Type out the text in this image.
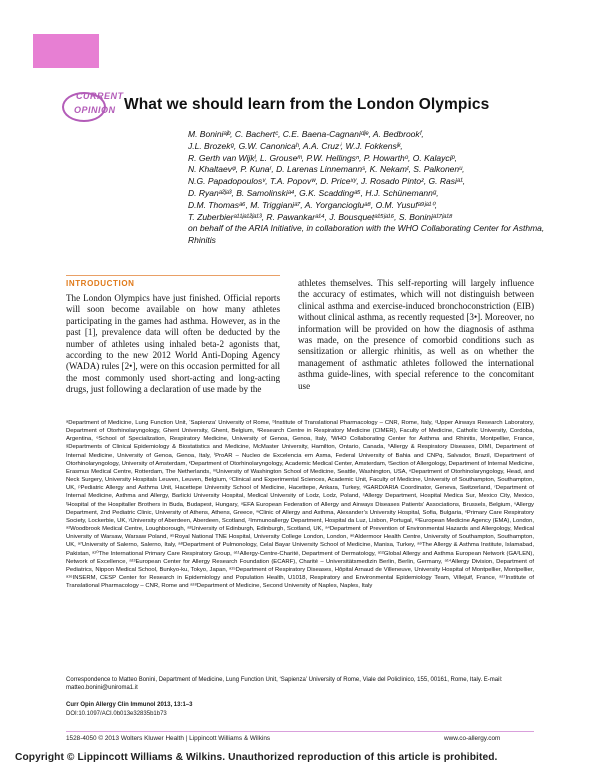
CURRENT
OPINION What we should learn from the London Olympics
M. Boniniᵃʲᵇ, C. Bachertᶜ, C.E. Baena-Cagnaniᵈʲᵉ, A. Bedbrookᶠ,
J.L. Brozekᵍ, G.W. Canonicaʰ, A.A. Cruzⁱ, W.J. Fokkensʲᵏ,
R. Gerth van Wijkˡ, L. Grouseᵐ, P.W. Hellingsⁿ, P. Howarthᵒ, O. Kalayciᵖ,
N. Khaltaevᵠ, P. Kunaʳ, D. Larenas Linnemannˢ, K. Nekamᵗ, S. Palkonenᵘ,
N.G. Papadopoulosᵛ, T.A. Popovʷ, D. Priceˣʸ, J. Rosado Pintoᶻ, G. Rasiᵃ¹,
D. Ryanᵃ²ʲᵃ³, B. Samolinskiᵃ⁴, G.K. Scaddingᵃ⁵, H.J. Schünemannᵍ,
D.M. Thomasᵃ⁶, M. Triggianiᵃ⁷, A. Yorganciogluᵃ⁸, O.M. Yusufᵃ⁹ʲᵃ¹⁰,
T. Zuberbierᵃ¹¹ʲᵃ¹²ʲᵃ¹³, R. Pawankarᵃ¹⁴, J. Bousquetᵃ¹⁵ʲᵃ¹⁶, S. Boniniᵃ¹⁷ʲᵃ¹⁸
on behalf of the ARIA Initiative, in collaboration with the WHO Collaborating Center for Asthma, Rhinitis
INTRODUCTION
The London Olympics have just finished. Official reports will soon become available on how many athletes participating in the games had asthma. However, as in the past [1], prevalence data will often be deducted by the number of athletes using inhaled beta-2 agonists that, according to the new 2012 World Anti-Doping Agency (WADA) rules [2•], were on this occasion permitted for all the most commonly used short-acting and long-acting drugs, just following a declaration of use made by the
athletes themselves. This self-reporting will largely influence the accuracy of estimates, which will not distinguish between clinical asthma and exercise-induced bronchoconstriction (EIB) without clinical asthma, as recently requested [3•]. Moreover, no information will be provided on how the diagnosis of asthma was made, on the presence of comorbid conditions such as sensitization or allergic rhinitis, as well as on whether the management of asthmatic athletes followed the international asthma guide-lines, with special reference to the concomitant use
ᵃDepartment of Medicine, Lung Function Unit, ‘Sapienza’ University of Rome, ᵇInstitute of Translational Pharmacology – CNR, Rome, Italy, ᶜUpper Airways Research Laboratory, Department of Otorhinolaryngology, Ghent University, Ghent, Belgium, ᵈResearch Centre in Respiratory Medicine (CIMER), Faculty of Medicine, Catholic University, Cordoba, Argentina, ᵉSchool of Specialization, Respiratory Medicine, University of Genoa, Genoa, Italy, ᶠWHO Collaborating Center for Asthma and Rhinitis, Montpellier, France, ᵍDepartments of Clinical Epidemiology & Biostatistics and Medicine, McMaster University, Hamilton, Ontario, Canada, ʰAllergy & Respiratory Diseases, DIMI, Department of Internal Medicine, University of Genoa, Genoa, Italy, ⁱProAR – Nucleo de Excelencia em Asma, Federal University of Bahia and CNPq, Salvador, Brazil, ʲDepartment of Otorhinolaryngology, University of Amsterdam, ᵏDepartment of Otorhinolaryngology, Academic Medical Center, Amsterdam, ˡSection of Allergology, Department of Internal Medicine, Erasmus Medical Centre, Rotterdam, The Netherlands, ᵐUniversity of Washington School of Medicine, Seattle, Washington, USA, ⁿDepartment of Otorhinolaryngology, Head, and Neck Surgery, University Hospitals Leuven, Leuven, Belgium, ᵒClinical and Experimental Sciences, Academic Unit, Faculty of Medicine, University of Southampton, Southampton, UK, ᵖPediatric Allergy and Asthma Unit, Hacettepe University School of Medicine, Hacettepe, Ankara, Turkey, ᵠGARD/ARIA Coordinator, Geneva, Switzerland, ʳDepartment of Internal Medicine, Asthma and Allergy, Barlicki University Hospital, Medical University of Lodz, Lodz, Poland, ˢAllergy Department, Hospital Medica Sur, Mexico City, Mexico, ᵗHospital of the Hospitaller Brothers in Buda, Budapest, Hungary, ᵘEFA European Federation of Allergy and Airways Diseases Patients’ Associations, Brussels, Belgium, ᵛAllergy Department, 2nd Pediatric Clinic, University of Athens, Athens, Greece, ʷClinic of Allergy and Asthma, Alexander’s University Hospital, Sofia, Bulgaria, ˣPrimary Care Respiratory Society, Lockerbie, UK, ʸUniversity of Aberdeen, Aberdeen, Scotland, ᶻImmunoallergy Department, Hospital da Luz, Lisbon, Portugal, ᵃ¹European Medicine Agency (EMA), London, ᵃ²Woodbrook Medical Centre, Loughborough, ᵃ³University of Edinburgh, Edinburgh, Scotland, UK, ᵃ⁴Department of Prevention of Environmental Hazards and Allergology, Medical University of Warsaw, Warsaw Poland, ᵃ⁵Royal National TNE Hospital, University College London, London, ᵃ⁶Aldermoor Health Centre, University of Southampton, Southampton, UK, ᵃ⁷University of Salerno, Salerno, Italy, ᵃ⁸Department of Pulmonology, Celal Bayar University School of Medicine, Manisa, Turkey, ᵃ⁹The Allergy & Asthma Institute, Islamabad, Pakistan, ᵃ¹⁰The International Primary Care Respiratory Group, ᵃ¹¹Allergy-Centre-Charité, Department of Dermatology, ᵃ¹²Global Allergy and Asthma European Network (GA²LEN), Network of Excellence, ᵃ¹³European Center for Allergy Research Foundation (ECARF), Charité – Universitätsmedizin Berlin, Berlin, Germany, ᵃ¹⁴Allergy Division, Department of Pediatrics, Nippon Medical School, Bunkyo-ku, Tokyo, Japan, ᵃ¹⁵Department of Respiratory Diseases, Hôpital Arnaud de Villeneuve, University Hospital of Montpellier, Montpellier, ᵃ¹⁶INSERM, CESP Center for Research in Epidemiology and Population Health, U1018, Respiratory and Environmental Epidemiology Team, Villejuif, France, ᵃ¹⁷Institute of Translational Pharmacology – CNR, Rome and ᵃ¹⁸Department of Medicine, Second University of Naples, Naples, Italy
Correspondence to Matteo Bonini, Department of Medicine, Lung Function Unit, ‘Sapienza’ University of Rome, Viale del Policlinico, 155, 00161, Rome, Italy. E-mail: matteo.bonini@uniroma1.it
Curr Opin Allergy Clin Immunol 2013, 13:1–3
DOI:10.1097/ACI.0b013e32835b1b73
1528-4050 © 2013 Wolters Kluwer Health | Lippincott Williams & Wilkins	www.co-allergy.com
Copyright © Lippincott Williams & Wilkins. Unauthorized reproduction of this article is prohibited.
